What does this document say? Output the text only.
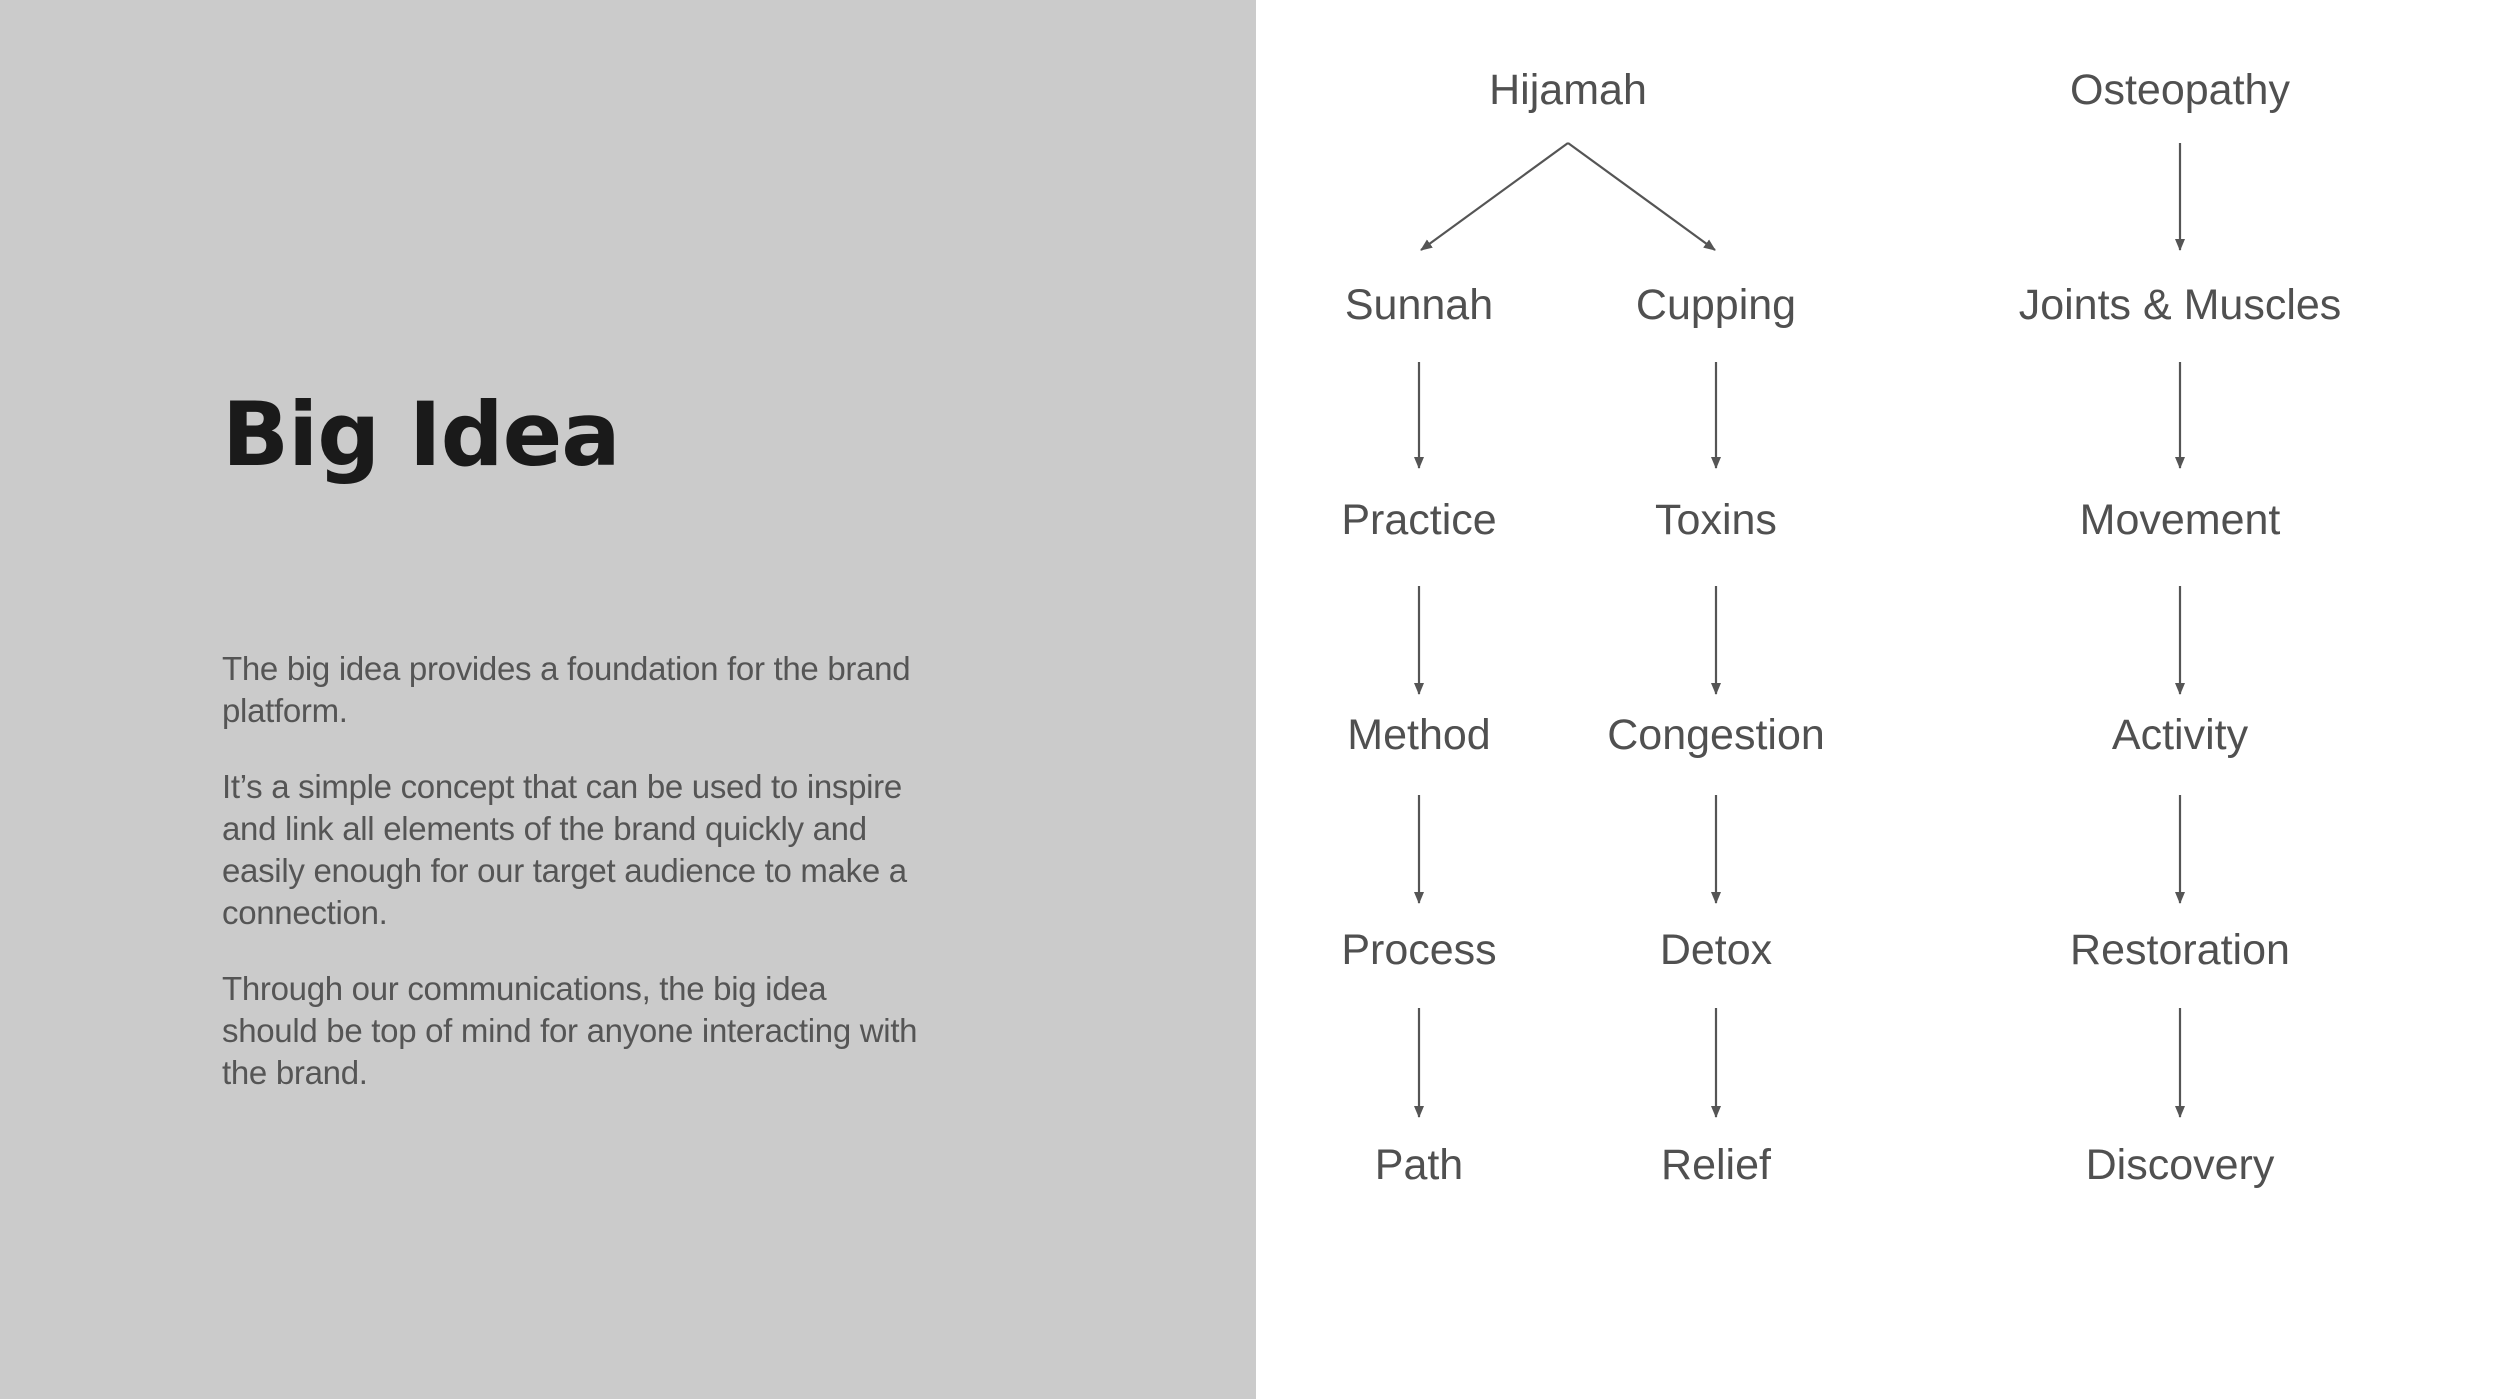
Big Idea

The big idea provides a foundation for the brand platform.

It’s a simple concept that can be used to inspire and link all elements of the brand quickly and easily enough for our target audience to make a connection.

Through our communications, the big idea should be top of mind for anyone interacting with the brand.

Hijamah	Osteopathy
Sunnah
Practice
Method
Process
Path
Cupping
Toxins
Congestion
Detox
Relief
Joints & Muscles
Movement
Activity
Restoration
Discovery
